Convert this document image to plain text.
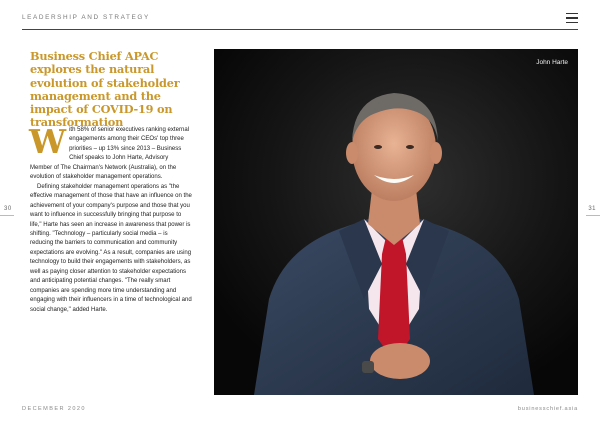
LEADERSHIP AND STRATEGY
Business Chief APAC explores the natural evolution of stakeholder management and the impact of COVID-19 on transformation

With 58% of senior executives ranking external engagements among their CEOs' top three priorities – up 13% since 2013 – Business Chief speaks to John Harte, Advisory Member of The Chairman's Network (Australia), on the evolution of stakeholder management operations.

Defining stakeholder management operations as "the effective management of those that have an influence on the achievement of your company's purpose and those that you want to influence in successfully bringing that purpose to life," Harte has seen an increase in awareness that power is shifting. "Technology – particularly social media – is reducing the barriers to communication and community expectations are evolving." As a result, companies are using technology to build their engagements with stakeholders, as well as paying closer attention to stakeholder expectations and anticipating potential changes. "The really smart companies are spending more time understanding and engaging with their influencers in a time of technological and social change," added Harte.

30	31
John Harte
DECEMBER 2020	businesschief.asia
